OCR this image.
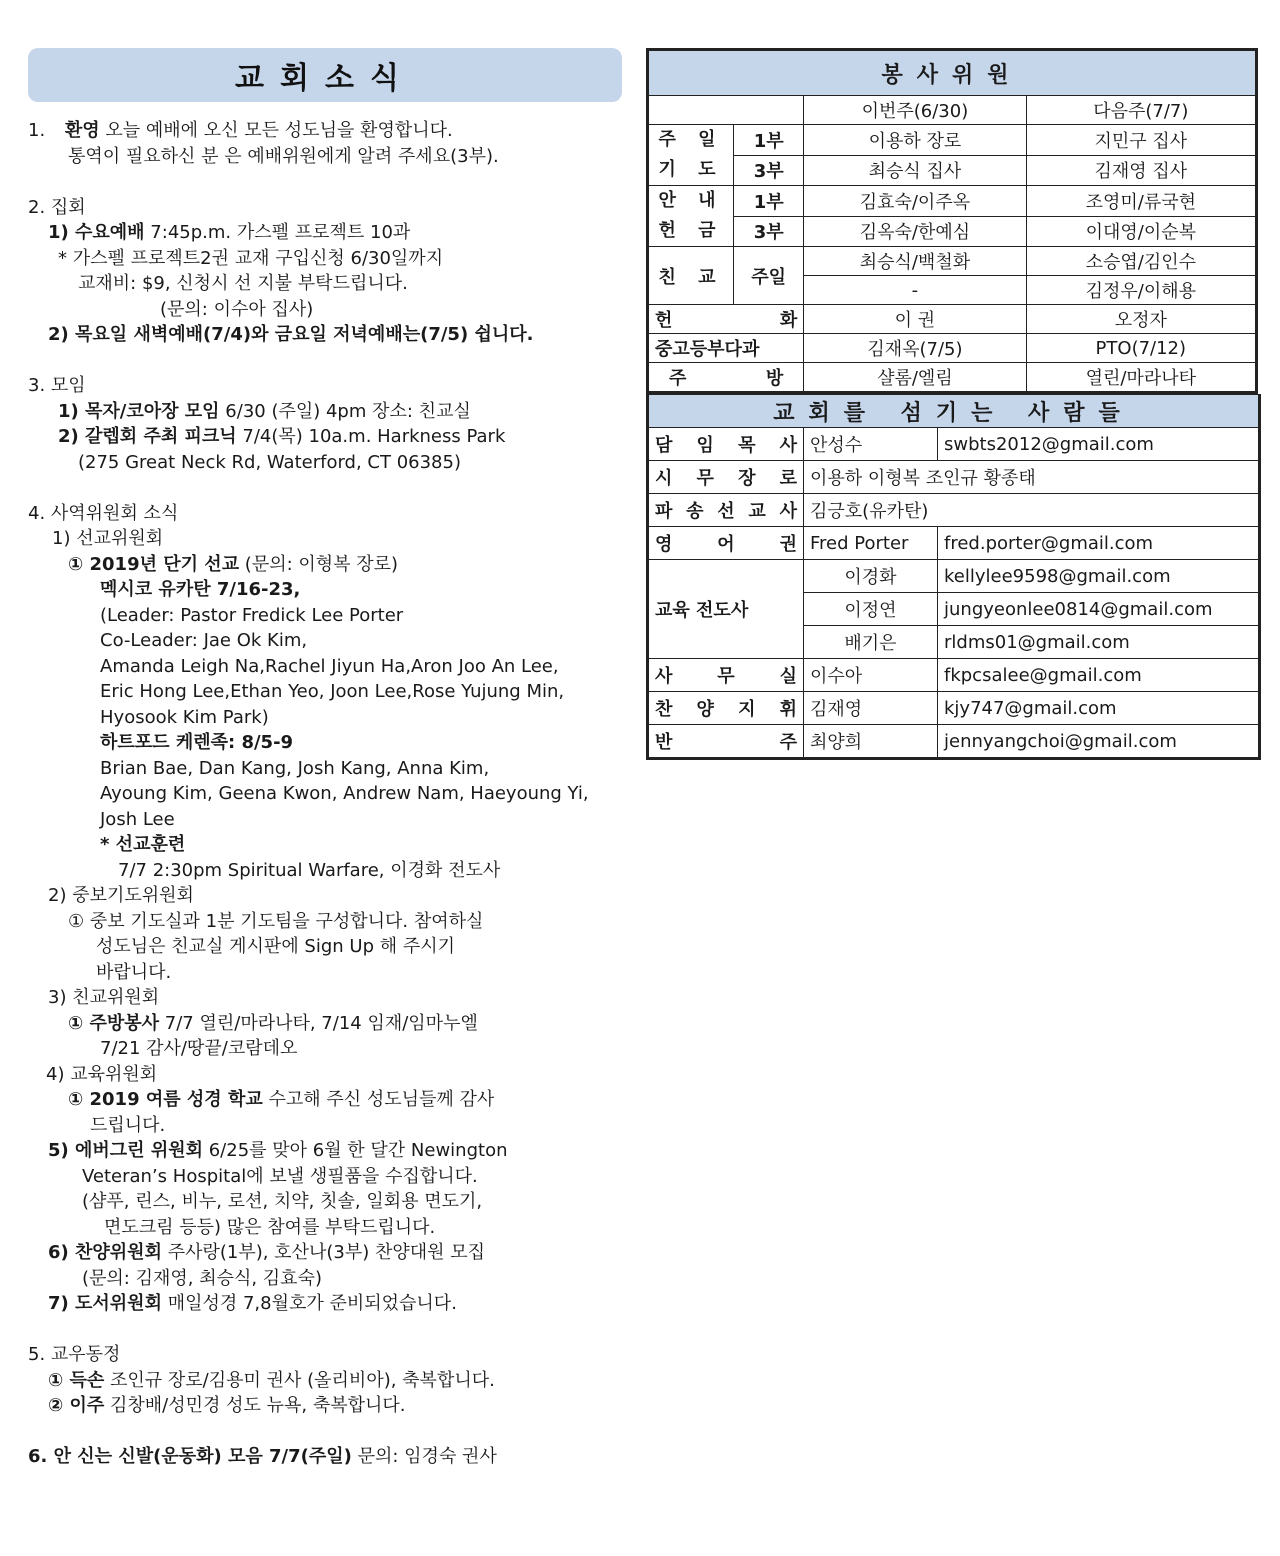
교회소식
1. 환영 오늘 예배에 오신 모든 성도님을 환영합니다.
통역이 필요하신 분 은 예배위원에게 알려 주세요(3부).
2. 집회
1) 수요예배 7:45p.m. 가스펠 프로젝트 10과
* 가스펠 프로젝트2권 교재 구입신청 6/30일까지
교재비: $9, 신청시 선 지불 부탁드립니다.
(문의: 이수아 집사)
2) 목요일 새벽예배(7/4)와 금요일 저녁예배는(7/5) 쉽니다.
3. 모임
1) 목자/코아장 모임 6/30 (주일) 4pm 장소: 친교실
2) 갈렙회 주최 피크닉 7/4(목) 10a.m. Harkness Park
(275 Great Neck Rd, Waterford, CT 06385)
4. 사역위원회 소식
1) 선교위원회
① 2019년 단기 선교 (문의: 이형복 장로)
멕시코 유카탄 7/16-23,
(Leader: Pastor Fredick Lee Porter
Co-Leader: Jae Ok Kim,
Amanda Leigh Na,Rachel Jiyun Ha,Aron Joo An Lee,
Eric Hong Lee,Ethan Yeo, Joon Lee,Rose Yujung Min,
Hyosook Kim Park)
하트포드 케렌족: 8/5-9
Brian Bae, Dan Kang, Josh Kang, Anna Kim,
Ayoung Kim, Geena Kwon, Andrew Nam, Haeyoung Yi,
Josh Lee
* 선교훈련
7/7 2:30pm Spiritual Warfare, 이경화 전도사
2) 중보기도위원회
① 중보 기도실과 1분 기도팀을 구성합니다. 참여하실
성도님은 친교실 게시판에 Sign Up 해 주시기
바랍니다.
3) 친교위원회
① 주방봉사 7/7 열린/마라나타, 7/14 임재/임마누엘
7/21 감사/땅끝/코람데오
4) 교육위원회
① 2019 여름 성경 학교 수고해 주신 성도님들께 감사
드립니다.
5) 에버그린 위원회 6/25를 맞아 6월 한 달간 Newington
Veteran’s Hospital에 보낼 생필품을 수집합니다.
(샴푸, 린스, 비누, 로션, 치약, 칫솔, 일회용 면도기,
면도크림 등등) 많은 참여를 부탁드립니다.
6) 찬양위원회 주사랑(1부), 호산나(3부) 찬양대원 모집
(문의: 김재영, 최승식, 김효숙)
7) 도서위원회 매일성경 7,8월호가 준비되었습니다.
5. 교우동정
① 득손 조인규 장로/김용미 권사 (올리비아), 축복합니다.
② 이주 김창배/성민경 성도 뉴욕, 축복합니다.
6. 안 신는 신발(운동화) 모음 7/7(주일) 문의: 임경숙 권사
봉사위원			
		이번주(6/30)	다음주(7/7)

주 일
기 도	1부	이용하 장로	지민구 집사
	3부	최승식 집사	김재영 집사

안 내
헌 금	1부	김효숙/이주옥	조영미/류국현
	3부	김옥숙/한예심	이대영/이순복
친 교	주일	최승식/백철화	소승엽/김인수
		-	김정우/이해용

헌 화		이 권	오정자
중고등부다과		김재옥(7/5)	PTO(7/12)

주 방		샬롬/엘림	열린/마라나타
교회를 섬기는 사람들		

담 임 목 사	안성수	swbts2012@gmail.com

시 무 장 로	이용하 이형복 조인규 황종태	

파 송 선 교 사	김긍호(유카탄)	

영 어 권	Fred Porter	fred.porter@gmail.com
교육 전도사	이경화	kellylee9598@gmail.com
	이정연	jungyeonlee0814@gmail.com
	배기은	rldms01@gmail.com

사 무 실	이수아	fkpcsalee@gmail.com

찬 양 지 휘	김재영	kjy747@gmail.com

반 주	최양희	jennyangchoi@gmail.com
